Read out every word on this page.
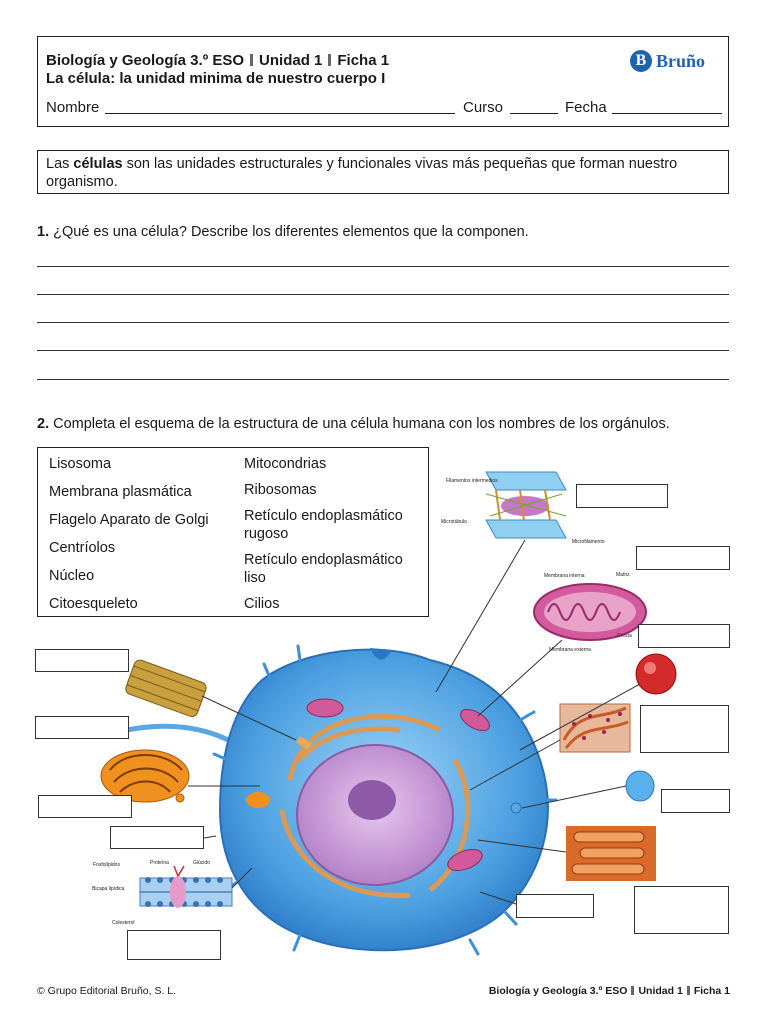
Biología y Geología 3.º ESO Unidad 1 Ficha 1
La célula: la unidad minima de nuestro cuerpo I
B Bruño
Nombre	Curso	Fecha
Las células son las unidades estructurales y funcionales vivas más pequeñas que forman nuestro organismo.
1. ¿Qué es una célula? Describe los diferentes elementos que la componen.
2. Completa el esquema de la estructura de una célula humana con los nombres de los orgánulos.
Lisosoma
Membrana plasmática
Flagelo Aparato de Golgi
Centríolos
Núcleo
Citoesqueleto
Mitocondrias
Ribosomas
Retículo endoplasmático rugoso
Retículo endoplasmático liso
Cilios
Filamentos intermedios
Microtúbulo
Microfilamento
Membrana interna	Matriz
Cresta
Membrana externa
Fosfolípidos	Proteína	Glúcido
Bicapa lipídica
Colesterol
© Grupo Editorial Bruño, S. L.	Biología y Geología 3.º ESO Unidad 1 Ficha 1
